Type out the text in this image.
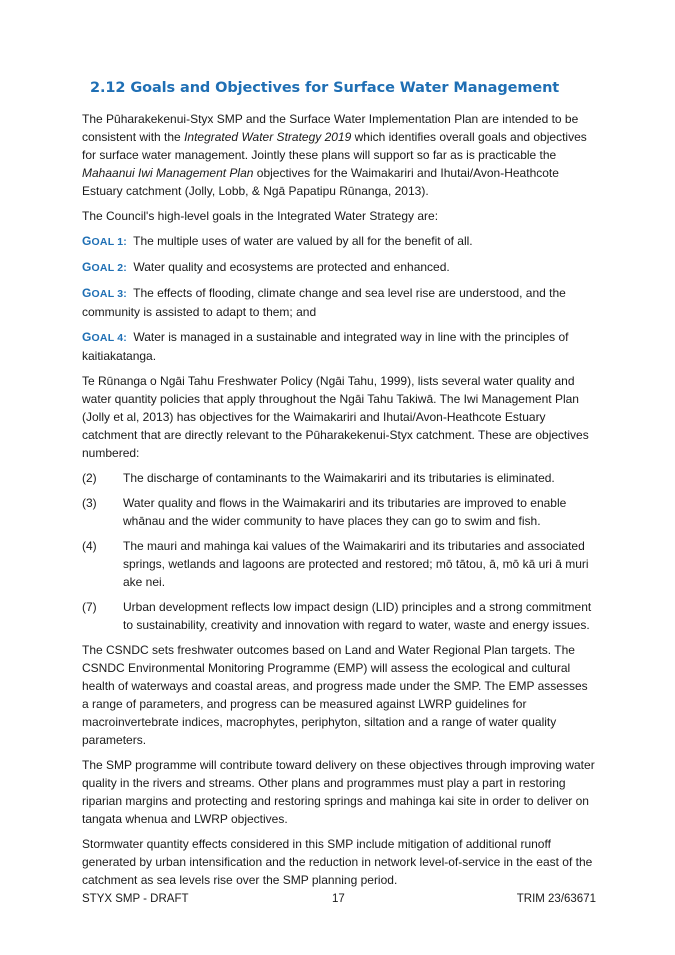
2.12 Goals and Objectives for Surface Water Management

The Pūharakekenui-Styx SMP and the Surface Water Implementation Plan are intended to be consistent with the Integrated Water Strategy 2019 which identifies overall goals and objectives for surface water management. Jointly these plans will support so far as is practicable the Mahaanui Iwi Management Plan objectives for the Waimakariri and Ihutai/Avon-Heathcote Estuary catchment (Jolly, Lobb, & Ngā Papatipu Rūnanga, 2013).

The Council's high-level goals in the Integrated Water Strategy are:

GOAL 1: The multiple uses of water are valued by all for the benefit of all.
GOAL 2: Water quality and ecosystems are protected and enhanced.
GOAL 3: The effects of flooding, climate change and sea level rise are understood, and the community is assisted to adapt to them; and
GOAL 4: Water is managed in a sustainable and integrated way in line with the principles of kaitiakatanga.

Te Rūnanga o Ngāi Tahu Freshwater Policy (Ngāi Tahu, 1999), lists several water quality and water quantity policies that apply throughout the Ngāi Tahu Takiwā. The Iwi Management Plan (Jolly et al, 2013) has objectives for the Waimakariri and Ihutai/Avon-Heathcote Estuary catchment that are directly relevant to the Pūharakekenui-Styx catchment. These are objectives numbered:

(2)	The discharge of contaminants to the Waimakariri and its tributaries is eliminated.
(3)	Water quality and flows in the Waimakariri and its tributaries are improved to enable whānau and the wider community to have places they can go to swim and fish.
(4)	The mauri and mahinga kai values of the Waimakariri and its tributaries and associated springs, wetlands and lagoons are protected and restored; mō tātou, ā, mō kā uri ā muri ake nei.
(7)	Urban development reflects low impact design (LID) principles and a strong commitment to sustainability, creativity and innovation with regard to water, waste and energy issues.

The CSNDC sets freshwater outcomes based on Land and Water Regional Plan targets. The CSNDC Environmental Monitoring Programme (EMP) will assess the ecological and cultural health of waterways and coastal areas, and progress made under the SMP. The EMP assesses a range of parameters, and progress can be measured against LWRP guidelines for macroinvertebrate indices, macrophytes, periphyton, siltation and a range of water quality parameters.

The SMP programme will contribute toward delivery on these objectives through improving water quality in the rivers and streams. Other plans and programmes must play a part in restoring riparian margins and protecting and restoring springs and mahinga kai site in order to deliver on tangata whenua and LWRP objectives.

Stormwater quantity effects considered in this SMP include mitigation of additional runoff generated by urban intensification and the reduction in network level-of-service in the east of the catchment as sea levels rise over the SMP planning period.

STYX SMP - DRAFT	17	TRIM 23/63671
